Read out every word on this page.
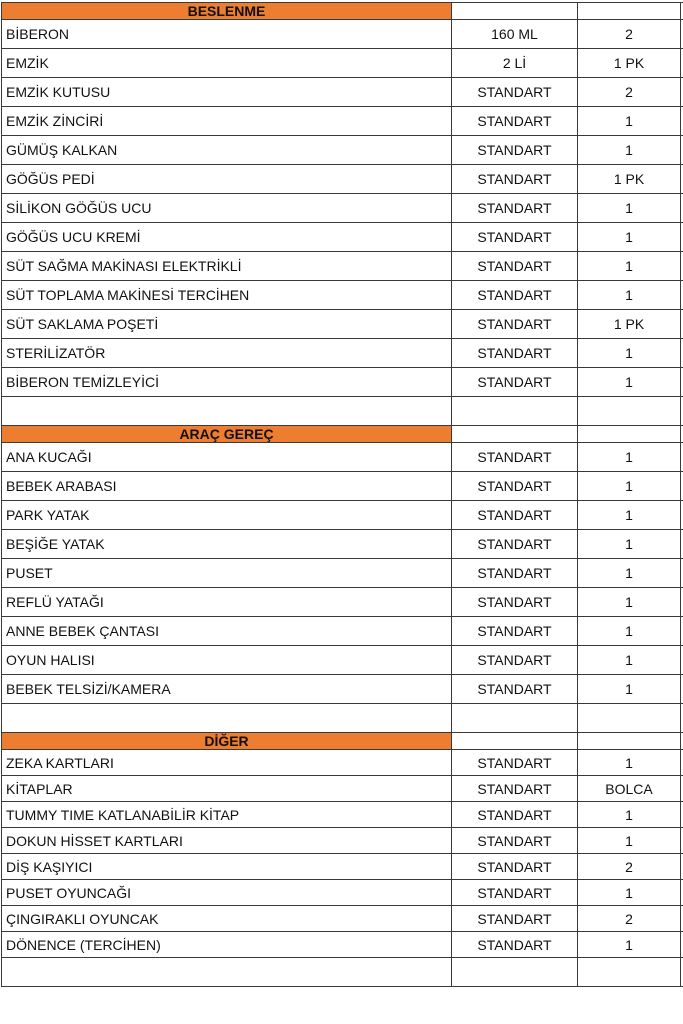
BESLENME			
BİBERON	160 ML	2	
EMZİK	2 Lİ	1 PK	
EMZİK KUTUSU	STANDART	2	
EMZİK ZİNCİRİ	STANDART	1	
GÜMÜŞ KALKAN	STANDART	1	
GÖĞÜS PEDİ	STANDART	1 PK	
SİLİKON GÖĞÜS UCU	STANDART	1	
GÖĞÜS UCU KREMİ	STANDART	1	
SÜT SAĞMA MAKİNASI ELEKTRİKLİ	STANDART	1	
SÜT TOPLAMA MAKİNESİ TERCİHEN	STANDART	1	
SÜT SAKLAMA POŞETİ	STANDART	1 PK	
STERİLİZATÖR	STANDART	1	
BİBERON TEMİZLEYİCİ	STANDART	1	

ARAÇ GEREÇ			
ANA KUCAĞI	STANDART	1	
BEBEK ARABASI	STANDART	1	
PARK YATAK	STANDART	1	
BEŞİĞE YATAK	STANDART	1	
PUSET	STANDART	1	
REFLÜ YATAĞI	STANDART	1	
ANNE BEBEK ÇANTASI	STANDART	1	
OYUN HALISI	STANDART	1	
BEBEK TELSİZİ/KAMERA	STANDART	1	

DİĞER			
ZEKA KARTLARI	STANDART	1	
KİTAPLAR	STANDART	BOLCA	
TUMMY TIME KATLANABİLİR KİTAP	STANDART	1	
DOKUN HİSSET KARTLARI	STANDART	1	
DİŞ KAŞIYICI	STANDART	2	
PUSET OYUNCAĞI	STANDART	1	
ÇINGIRAKLI OYUNCAK	STANDART	2	
DÖNENCE (TERCİHEN)	STANDART	1	
